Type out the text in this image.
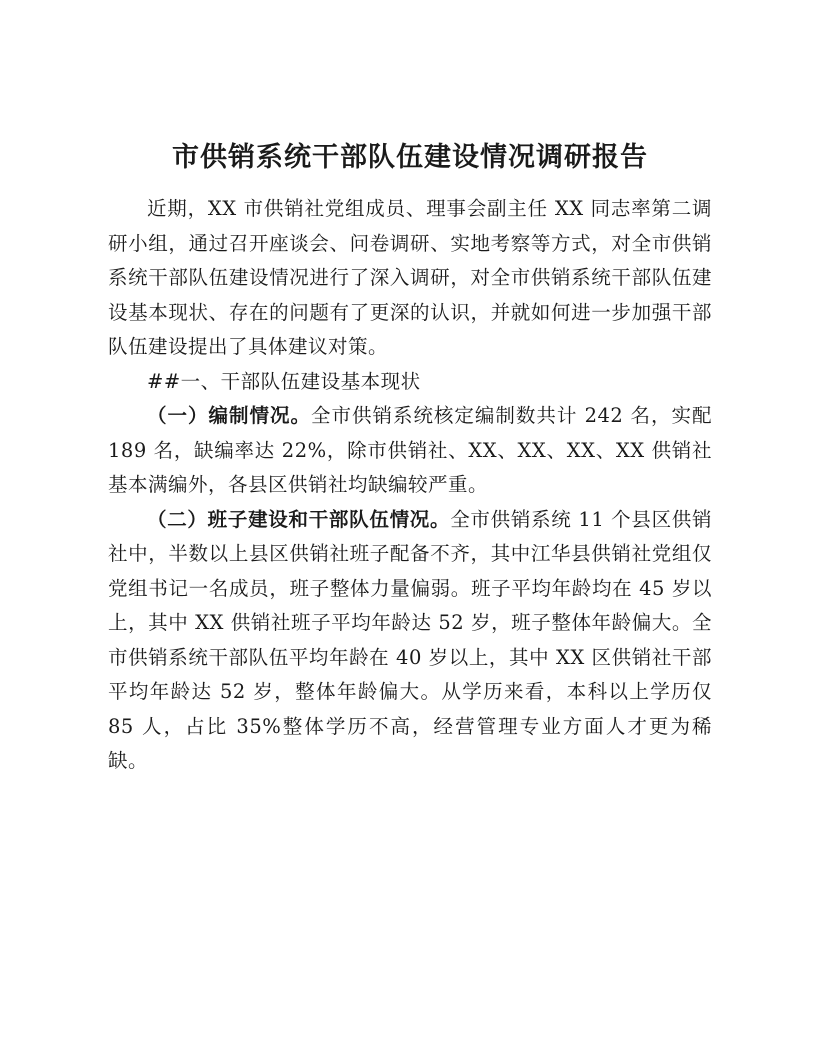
市供销系统干部队伍建设情况调研报告

近期，XX 市供销社党组成员、理事会副主任 XX 同志率第二调研小组，通过召开座谈会、问卷调研、实地考察等方式，对全市供销系统干部队伍建设情况进行了深入调研，对全市供销系统干部队伍建设基本现状、存在的问题有了更深的认识，并就如何进一步加强干部队伍建设提出了具体建议对策。

##一、干部队伍建设基本现状

（一）编制情况。全市供销系统核定编制数共计 242 名，实配 189 名，缺编率达 22%，除市供销社、XX、XX、XX、XX 供销社基本满编外，各县区供销社均缺编较严重。

（二）班子建设和干部队伍情况。全市供销系统 11 个县区供销社中，半数以上县区供销社班子配备不齐，其中江华县供销社党组仅党组书记一名成员，班子整体力量偏弱。班子平均年龄均在 45 岁以上，其中 XX 供销社班子平均年龄达 52 岁，班子整体年龄偏大。全市供销系统干部队伍平均年龄在 40 岁以上，其中 XX 区供销社干部平均年龄达 52 岁，整体年龄偏大。从学历来看，本科以上学历仅 85 人，占比 35%整体学历不高，经营管理专业方面人才更为稀缺。
